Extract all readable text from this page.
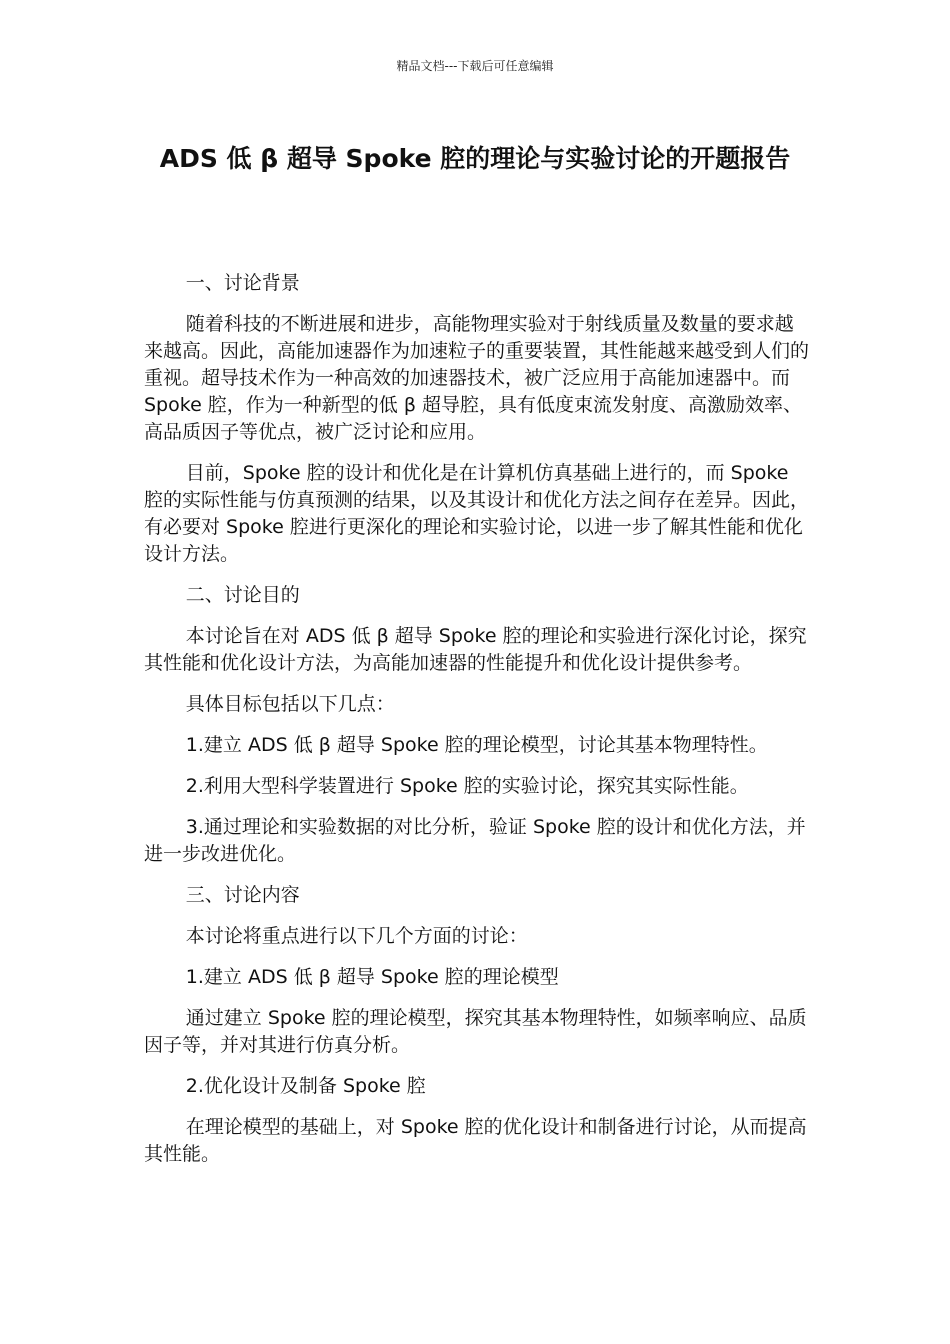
精品文档---下载后可任意编辑
ADS 低 β 超导 Spoke 腔的理论与实验讨论的开题报告

一、讨论背景

随着科技的不断进展和进步，高能物理实验对于射线质量及数量的要求越来越高。因此，高能加速器作为加速粒子的重要装置，其性能越来越受到人们的重视。超导技术作为一种高效的加速器技术，被广泛应用于高能加速器中。而 Spoke 腔，作为一种新型的低 β 超导腔，具有低度束流发射度、高激励效率、高品质因子等优点，被广泛讨论和应用。

目前，Spoke 腔的设计和优化是在计算机仿真基础上进行的，而 Spoke 腔的实际性能与仿真预测的结果，以及其设计和优化方法之间存在差异。因此，有必要对 Spoke 腔进行更深化的理论和实验讨论，以进一步了解其性能和优化设计方法。

二、讨论目的

本讨论旨在对 ADS 低 β 超导 Spoke 腔的理论和实验进行深化讨论，探究其性能和优化设计方法，为高能加速器的性能提升和优化设计提供参考。

具体目标包括以下几点：

1.建立 ADS 低 β 超导 Spoke 腔的理论模型，讨论其基本物理特性。

2.利用大型科学装置进行 Spoke 腔的实验讨论，探究其实际性能。

3.通过理论和实验数据的对比分析，验证 Spoke 腔的设计和优化方法，并进一步改进优化。

三、讨论内容

本讨论将重点进行以下几个方面的讨论：

1.建立 ADS 低 β 超导 Spoke 腔的理论模型

通过建立 Spoke 腔的理论模型，探究其基本物理特性，如频率响应、品质因子等，并对其进行仿真分析。

2.优化设计及制备 Spoke 腔

在理论模型的基础上，对 Spoke 腔的优化设计和制备进行讨论，从而提高其性能。
